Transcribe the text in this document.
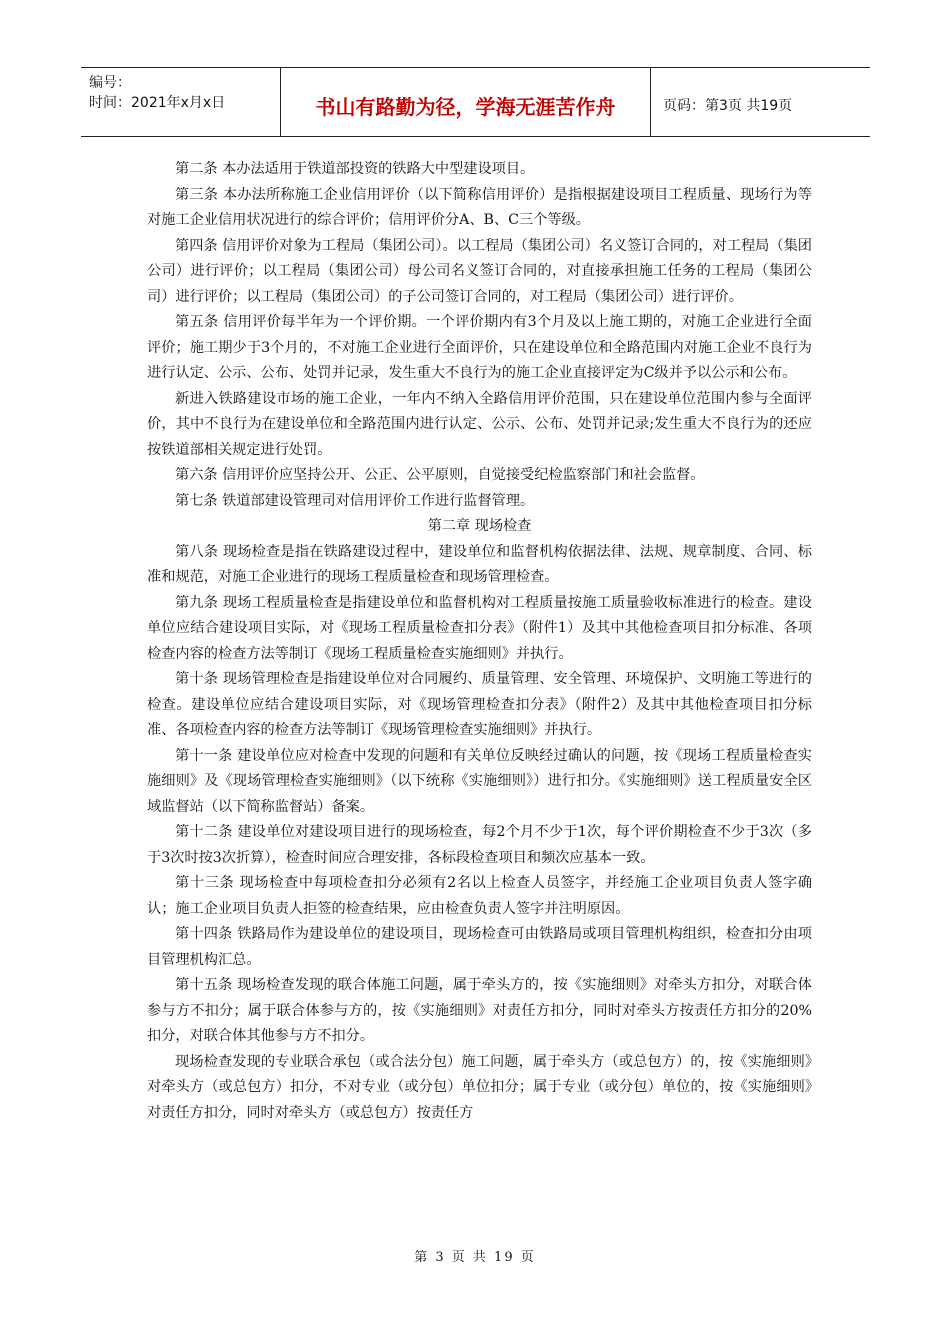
编号：
时间：2021年x月x日	书山有路勤为径，学海无涯苦作舟	页码：第3页 共19页

第二条 本办法适用于铁道部投资的铁路大中型建设项目。

第三条 本办法所称施工企业信用评价（以下简称信用评价）是指根据建设项目工程质量、现场行为等对施工企业信用状况进行的综合评价；信用评价分A、B、C三个等级。

第四条 信用评价对象为工程局（集团公司）。以工程局（集团公司）名义签订合同的，对工程局（集团公司）进行评价；以工程局（集团公司）母公司名义签订合同的，对直接承担施工任务的工程局（集团公司）进行评价；以工程局（集团公司）的子公司签订合同的，对工程局（集团公司）进行评价。

第五条 信用评价每半年为一个评价期。一个评价期内有3个月及以上施工期的，对施工企业进行全面评价；施工期少于3个月的，不对施工企业进行全面评价，只在建设单位和全路范围内对施工企业不良行为进行认定、公示、公布、处罚并记录，发生重大不良行为的施工企业直接评定为C级并予以公示和公布。

新进入铁路建设市场的施工企业，一年内不纳入全路信用评价范围，只在建设单位范围内参与全面评价，其中不良行为在建设单位和全路范围内进行认定、公示、公布、处罚并记录;发生重大不良行为的还应按铁道部相关规定进行处罚。

第六条 信用评价应坚持公开、公正、公平原则，自觉接受纪检监察部门和社会监督。

第七条 铁道部建设管理司对信用评价工作进行监督管理。

第二章 现场检查

第八条 现场检查是指在铁路建设过程中，建设单位和监督机构依据法律、法规、规章制度、合同、标准和规范，对施工企业进行的现场工程质量检查和现场管理检查。

第九条 现场工程质量检查是指建设单位和监督机构对工程质量按施工质量验收标准进行的检查。建设单位应结合建设项目实际，对《现场工程质量检查扣分表》（附件1）及其中其他检查项目扣分标准、各项检查内容的检查方法等制订《现场工程质量检查实施细则》并执行。

第十条 现场管理检查是指建设单位对合同履约、质量管理、安全管理、环境保护、文明施工等进行的检查。建设单位应结合建设项目实际，对《现场管理检查扣分表》（附件2）及其中其他检查项目扣分标准、各项检查内容的检查方法等制订《现场管理检查实施细则》并执行。

第十一条 建设单位应对检查中发现的问题和有关单位反映经过确认的问题，按《现场工程质量检查实施细则》及《现场管理检查实施细则》（以下统称《实施细则》）进行扣分。《实施细则》送工程质量安全区域监督站（以下简称监督站）备案。

第十二条 建设单位对建设项目进行的现场检查，每2个月不少于1次，每个评价期检查不少于3次（多于3次时按3次折算），检查时间应合理安排，各标段检查项目和频次应基本一致。

第十三条 现场检查中每项检查扣分必须有2名以上检查人员签字，并经施工企业项目负责人签字确认；施工企业项目负责人拒签的检查结果，应由检查负责人签字并注明原因。

第十四条 铁路局作为建设单位的建设项目，现场检查可由铁路局或项目管理机构组织，检查扣分由项目管理机构汇总。

第十五条 现场检查发现的联合体施工问题，属于牵头方的，按《实施细则》对牵头方扣分，对联合体参与方不扣分；属于联合体参与方的，按《实施细则》对责任方扣分，同时对牵头方按责任方扣分的20%扣分，对联合体其他参与方不扣分。

现场检查发现的专业联合承包（或合法分包）施工问题，属于牵头方（或总包方）的，按《实施细则》对牵头方（或总包方）扣分，不对专业（或分包）单位扣分；属于专业（或分包）单位的，按《实施细则》对责任方扣分，同时对牵头方（或总包方）按责任方

第 3 页 共 19 页
